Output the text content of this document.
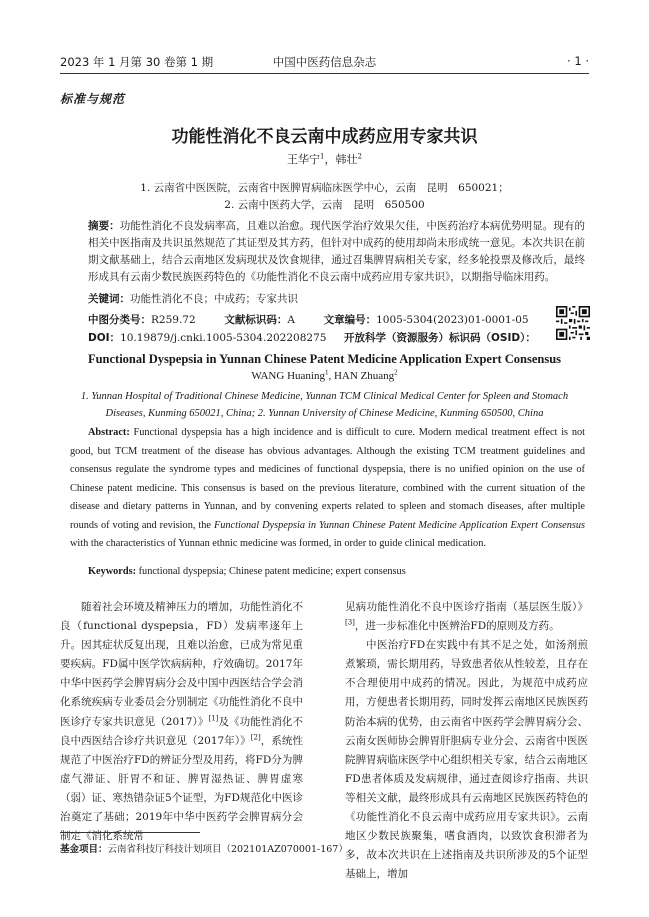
2023 年 1 月第 30 卷第 1 期	中国中医药信息杂志	· 1 ·
标准与规范
功能性消化不良云南中成药应用专家共识
王华宁$^1$，韩壮$^2$
1. 云南省中医医院，云南省中医脾胃病临床医学中心，云南　昆明　650021；
2. 云南中医药大学，云南　昆明　650500
摘要：功能性消化不良发病率高，且难以治愈。现代医学治疗效果欠佳，中医药治疗本病优势明显。现有的相关中医指南及共识虽然规范了其证型及其方药，但针对中成药的使用却尚未形成统一意见。本次共识在前期文献基础上，结合云南地区发病现状及饮食规律，通过召集脾胃病相关专家，经多轮投票及修改后，最终形成具有云南少数民族医药特色的《功能性消化不良云南中成药应用专家共识》，以期指导临床用药。
关键词：功能性消化不良；中成药；专家共识
中图分类号：R259.72	文献标识码：A	文章编号：1005-5304(2023)01-0001-05
DOI：10.19879/j.cnki.1005-5304.202208275 开放科学（资源服务）标识码（OSID）：
Functional Dyspepsia in Yunnan Chinese Patent Medicine Application Expert Consensus
WANG Huaning$^1$, HAN Zhuang$^2$
1. Yunnan Hospital of Traditional Chinese Medicine, Yunnan TCM Clinical Medical Center for Spleen and Stomach Diseases, Kunming 650021, China; 2. Yunnan University of Chinese Medicine, Kunming 650500, China
Abstract: Functional dyspepsia has a high incidence and is difficult to cure. Modern medical treatment effect is not good, but TCM treatment of the disease has obvious advantages. Although the existing TCM treatment guidelines and consensus regulate the syndrome types and medicines of functional dyspepsia, there is no unified opinion on the use of Chinese patent medicine. This consensus is based on the previous literature, combined with the current situation of the disease and dietary patterns in Yunnan, and by convening experts related to spleen and stomach diseases, after multiple rounds of voting and revision, the Functional Dyspepsia in Yunnan Chinese Patent Medicine Application Expert Consensus with the characteristics of Yunnan ethnic medicine was formed, in order to guide clinical medication.
Keywords: functional dyspepsia; Chinese patent medicine; expert consensus

随着社会环境及精神压力的增加，功能性消化不良（functional dyspepsia，FD）发病率逐年上升。因其症状反复出现，且难以治愈，已成为常见重要疾病。FD属中医学饮病病种，疗效确切。2017年中华中医药学会脾胃病分会及中国中西医结合学会消化系统疾病专业委员会分别制定《功能性消化不良中医诊疗专家共识意见（2017）》[1]及《功能性消化不良中西医结合诊疗共识意见（2017年）》[2]，系统性规范了中医治疗FD的辨证分型及用药，将FD分为脾虚气滞证、肝胃不和证、脾胃湿热证、脾胃虚寒（弱）证、寒热错杂证5个证型，为FD规范化中医诊治奠定了基础；2019年中华中医药学会脾胃病分会制定《消化系统常

见病功能性消化不良中医诊疗指南（基层医生版）》[3]，进一步标准化中医辨治FD的原则及方药。

中医治疗FD在实践中有其不足之处，如汤剂煎煮繁琐，需长期用药，导致患者依从性较差，且存在不合理使用中成药的情况。因此，为规范中成药应用，方便患者长期用药，同时发挥云南地区民族医药防治本病的优势，由云南省中医药学会脾胃病分会、云南女医师协会脾胃肝胆病专业分会、云南省中医医院脾胃病临床医学中心组织相关专家，结合云南地区FD患者体质及发病规律，通过查阅诊疗指南、共识等相关文献，最终形成具有云南地区民族医药特色的《功能性消化不良云南中成药应用专家共识》。云南地区少数民族聚集，嗜食酒肉，以致饮食积滞者为多，故本次共识在上述指南及共识所涉及的5个证型基础上，增加

基金项目：云南省科技厅科技计划项目（202101AZ070001-167）
